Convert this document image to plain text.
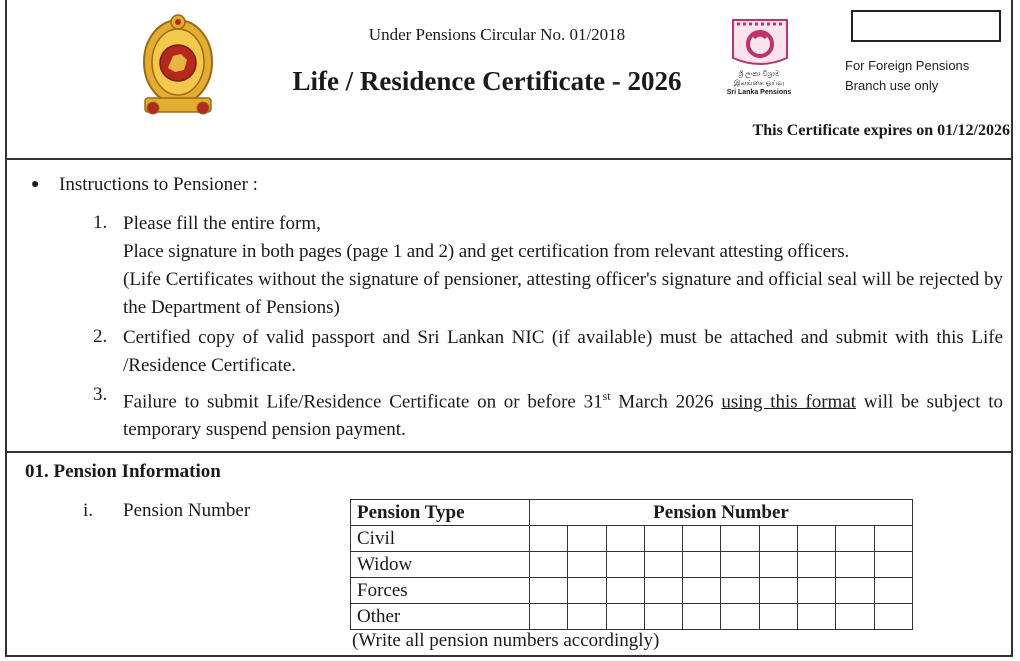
Under Pensions Circular No. 01/2018
Life / Residence Certificate - 2026	ශ්‍රී ලංකා විශ්‍රාම
இலங்கை ஓய்வு
Sri Lanka Pensions
For Foreign Pensions
Branch use only
This Certificate expires on 01/12/2026
● Instructions to Pensioner :
1. Please fill the entire form,
Place signature in both pages (page 1 and 2) and get certification from relevant attesting officers.
(Life Certificates without the signature of pensioner, attesting officer's signature and official seal will be rejected by the Department of Pensions)
2. Certified copy of valid passport and Sri Lankan NIC (if available) must be attached and submit with this Life /Residence Certificate.
3. Failure to submit Life/Residence Certificate on or before 31st March 2026 using this format will be subject to temporary suspend pension payment.
01. Pension Information
i. Pension Number	Pension Type	Pension Number									
Civil										
Widow										
Forces										
Other										
(Write all pension numbers accordingly)
